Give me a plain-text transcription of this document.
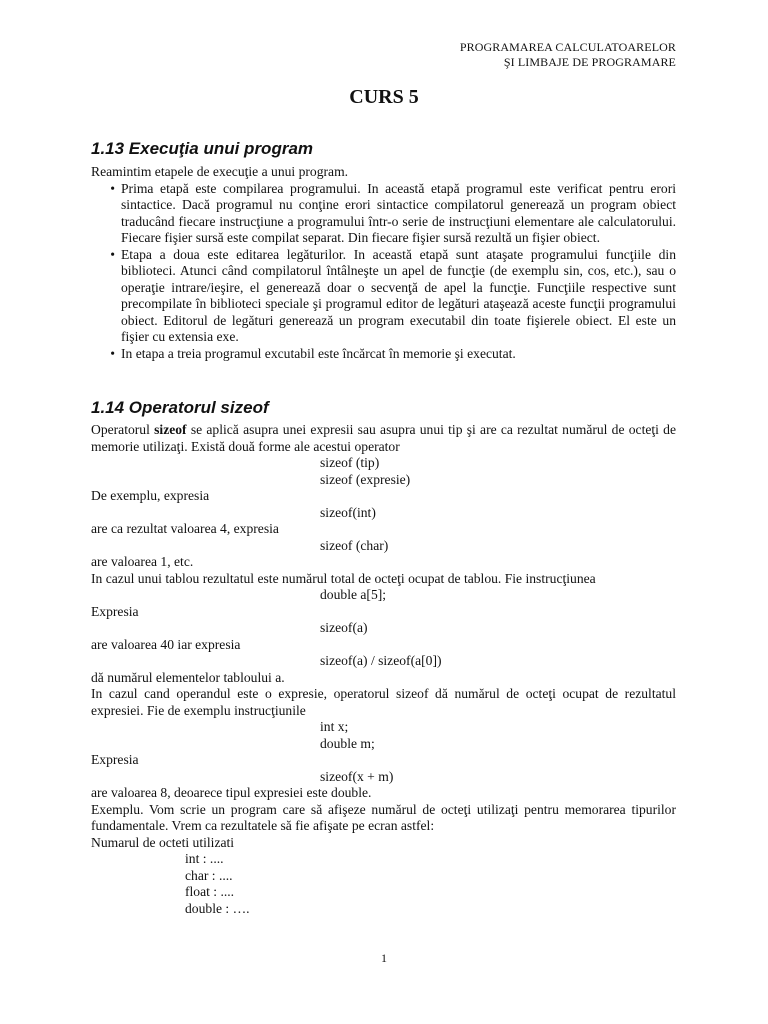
PROGRAMAREA CALCULATOARELOR
ŞI LIMBAJE DE PROGRAMARE
CURS 5
1.13 Execuţia unui program
Reamintim etapele de execuţie a unui program.
• Prima etapă este compilarea programului. In această etapă programul este verificat pentru erori sintactice. Dacă programul nu conţine erori sintactice compilatorul generează un program obiect traducând fiecare instrucţiune a programului într-o serie de instrucţiuni elementare ale calculatorului. Fiecare fişier sursă este compilat separat. Din fiecare fişier sursă rezultă un fişier obiect.
• Etapa a doua este editarea legăturilor. In această etapă sunt ataşate programului funcţiile din biblioteci. Atunci când compilatorul întâlneşte un apel de funcţie (de exemplu sin, cos, etc.), sau o operaţie intrare/ieşire, el generează doar o secvenţă de apel la funcţie. Funcţiile respective sunt precompilate în biblioteci speciale şi programul editor de legături ataşează aceste funcţii programului obiect. Editorul de legături generează un program executabil din toate fişierele obiect. El este un fişier cu extensia exe.
• In etapa a treia programul excutabil este încărcat în memorie şi executat.
1.14 Operatorul sizeof
Operatorul sizeof se aplică asupra unei expresii sau asupra unui tip şi are ca rezultat numărul de octeţi de memorie utilizaţi. Există două forme ale acestui operator
sizeof (tip)
sizeof (expresie)
De exemplu, expresia
sizeof(int)
are ca rezultat valoarea 4, expresia
sizeof (char)
are valoarea 1, etc.
In cazul unui tablou rezultatul este numărul total de octeţi ocupat de tablou. Fie instrucţiunea
double a[5];
Expresia
sizeof(a)
are valoarea 40 iar expresia
sizeof(a) / sizeof(a[0])
dă numărul elementelor tabloului a.
In cazul cand operandul este o expresie, operatorul sizeof dă numărul de octeţi ocupat de rezultatul expresiei. Fie de exemplu instrucţiunile
int x;
double m;
Expresia
sizeof(x + m)
are valoarea 8, deoarece tipul expresiei este double.
Exemplu. Vom scrie un program care să afişeze numărul de octeţi utilizaţi pentru memorarea tipurilor fundamentale. Vrem ca rezultatele să fie afişate pe ecran astfel:
Numarul de octeti utilizati
int : ....
char : ....
float : ....
double : ….
1
